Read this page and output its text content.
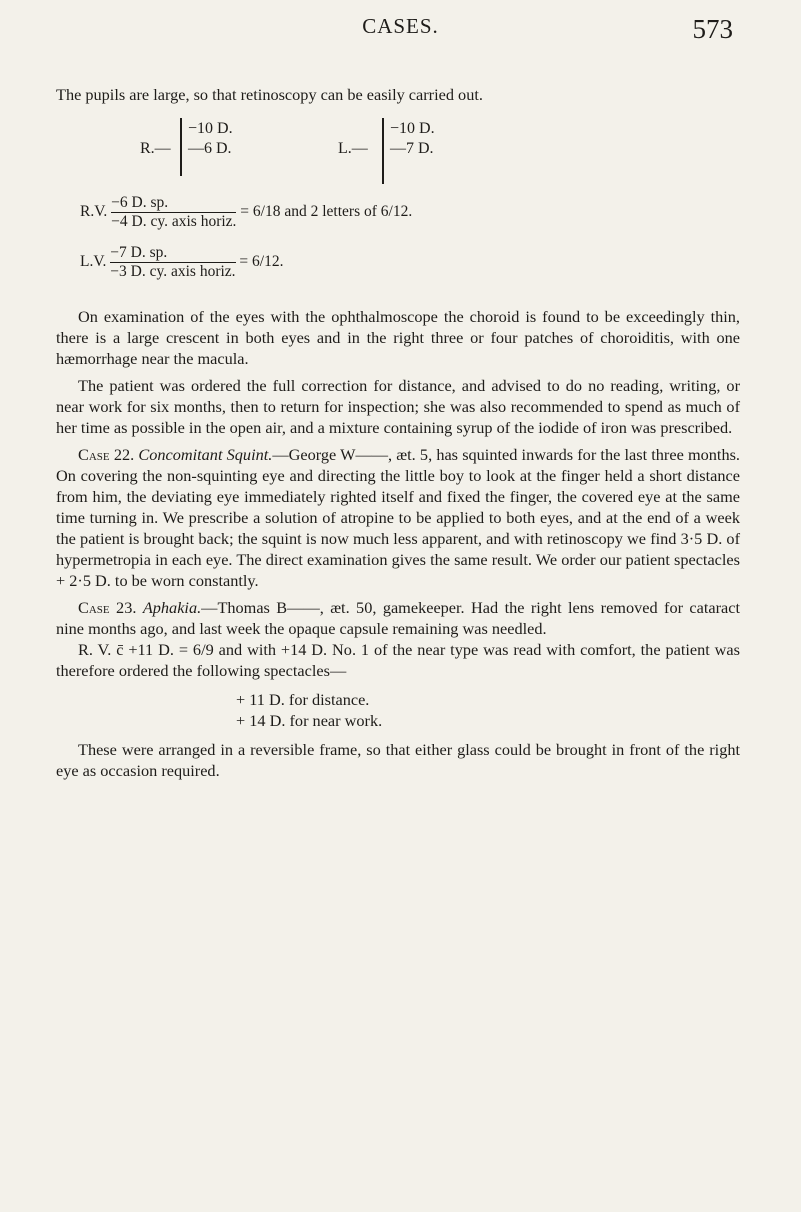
CASES.	573

The pupils are large, so that retinoscopy can be easily carried out.

R.—
−10 D.
—6 D.	L.—
−10 D.
—7 D.
R.V. $\frac{-6 D. sp.}{\text{−4 D. cy. axis horiz.}} = 6/18$ and 2 letters of 6/12.
L.V. $\frac{-7 D. sp.}{\text{−3 D. cy. axis horiz.}} = 6/12$.

On examination of the eyes with the ophthalmoscope the choroid is found to be exceedingly thin, there is a large crescent in both eyes and in the right three or four patches of choroiditis, with one hæmorrhage near the macula.

The patient was ordered the full correction for distance, and advised to do no reading, writing, or near work for six months, then to return for inspection; she was also recommended to spend as much of her time as possible in the open air, and a mixture containing syrup of the iodide of iron was prescribed.

Case 22. Concomitant Squint.—George W——, æt. 5, has squinted inwards for the last three months. On covering the non-squinting eye and directing the little boy to look at the finger held a short distance from him, the deviating eye immediately righted itself and fixed the finger, the covered eye at the same time turning in. We prescribe a solution of atropine to be applied to both eyes, and at the end of a week the patient is brought back; the squint is now much less apparent, and with retinoscopy we find 3·5 D. of hypermetropia in each eye. The direct examination gives the same result. We order our patient spectacles + 2·5 D. to be worn constantly.

Case 23. Aphakia.—Thomas B——, æt. 50, gamekeeper. Had the right lens removed for cataract nine months ago, and last week the opaque capsule remaining was needled.

R. V. c̄ +11 D. = 6/9 and with +14 D. No. 1 of the near type was read with comfort, the patient was therefore ordered the following spectacles—

+ 11 D. for distance.
+ 14 D. for near work.

These were arranged in a reversible frame, so that either glass could be brought in front of the right eye as occasion required.
